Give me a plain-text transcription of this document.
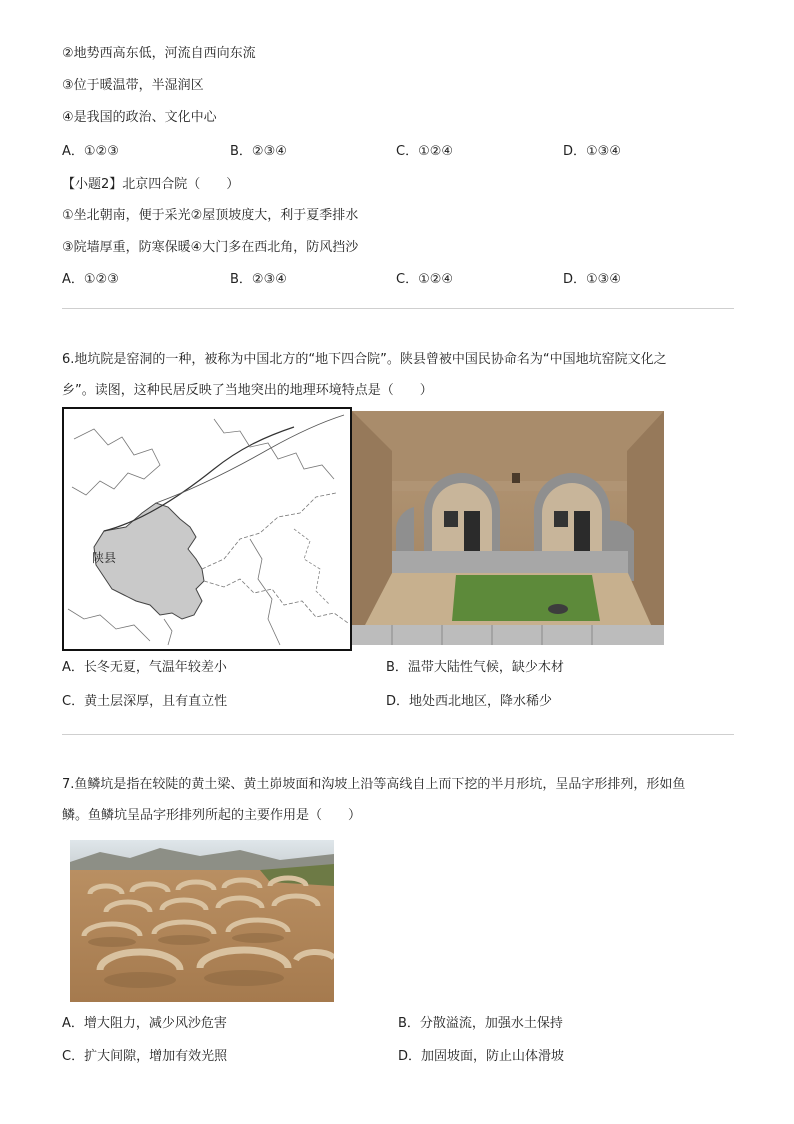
②地势西高东低，河流自西向东流
③位于暖温带，半湿润区
④是我国的政治、文化中心
A．①②③	B．②③④	C．①②④	D．①③④
【小题2】北京四合院（　　）
①坐北朝南，便于采光②屋顶坡度大，利于夏季排水
③院墙厚重，防寒保暖④大门多在西北角，防风挡沙
A．①②③	B．②③④	C．①②④	D．①③④
6.地坑院是窑洞的一种，被称为中国北方的“地下四合院”。陕县曾被中国民协命名为“中国地坑窑院文化之
乡”。读图，这种民居反映了当地突出的地理环境特点是（　　）
陕县
A．长冬无夏，气温年较差小	B．温带大陆性气候，缺少木材
C．黄土层深厚，且有直立性	D．地处西北地区，降水稀少
7.鱼鳞坑是指在较陡的黄土梁、黄土峁坡面和沟坡上沿等高线自上而下挖的半月形坑，呈品字形排列，形如鱼
鳞。鱼鳞坑呈品字形排列所起的主要作用是（　　）
A．增大阻力，减少风沙危害	B．分散溢流，加强水土保持
C．扩大间隙，增加有效光照	D．加固坡面，防止山体滑坡
